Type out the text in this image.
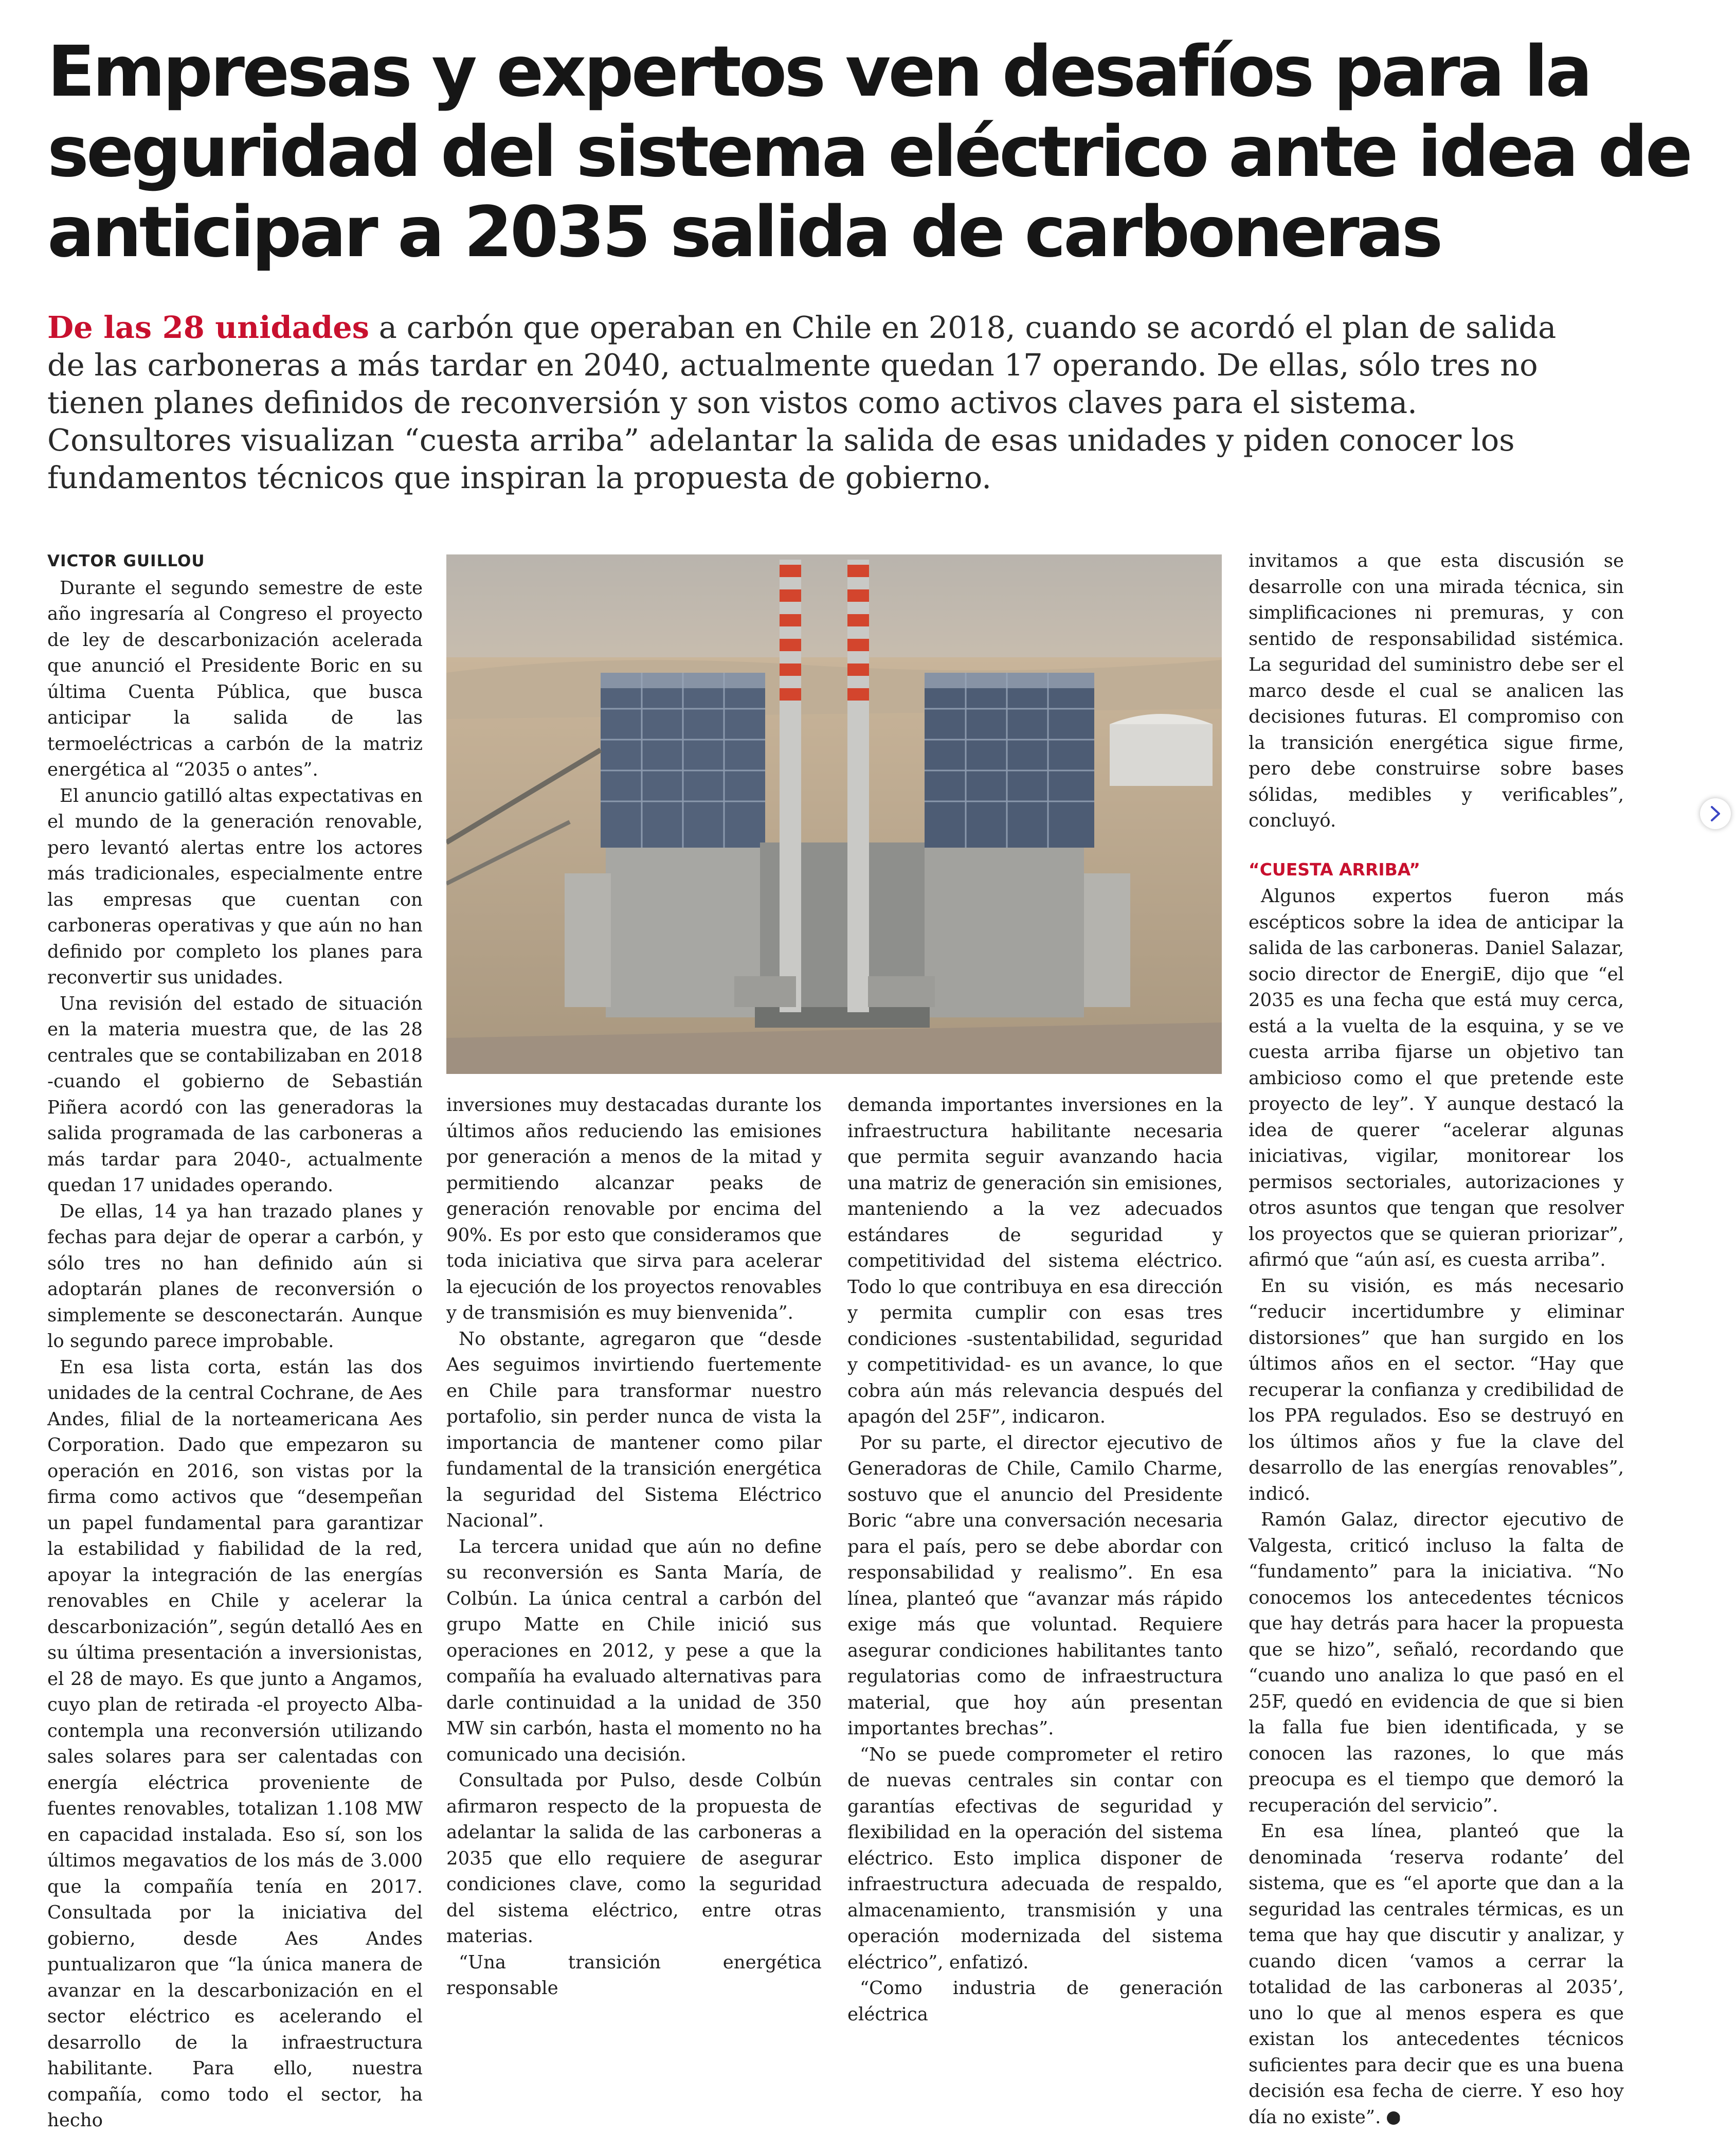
Empresas y expertos ven desafíos para la
seguridad del sistema eléctrico ante idea de
anticipar a 2035 salida de carboneras

De las 28 unidades a carbón que operaban en Chile en 2018, cuando se acordó el plan de salida de las carboneras a más tardar en 2040, actualmente quedan 17 operando. De ellas, sólo tres no tienen planes definidos de reconversión y son vistos como activos claves para el sistema. Consultores visualizan “cuesta arriba” adelantar la salida de esas unidades y piden conocer los fundamentos técnicos que inspiran la propuesta de gobierno.

VICTOR GUILLOU

Durante el segundo semestre de este año ingresaría al Congreso el proyecto de ley de descarbonización acelerada que anunció el Presidente Boric en su última Cuenta Pública, que busca anticipar la salida de las termoeléctricas a carbón de la matriz energética al “2035 o antes”.

El anuncio gatilló altas expectativas en el mundo de la generación renovable, pero levantó alertas entre los actores más tradicionales, especialmente entre las empresas que cuentan con carboneras operativas y que aún no han definido por completo los planes para reconvertir sus unidades.

Una revisión del estado de situación en la materia muestra que, de las 28 centrales que se contabilizaban en 2018 -cuando el gobierno de Sebastián Piñera acordó con las generadoras la salida programada de las carboneras a más tardar para 2040-, actualmente quedan 17 unidades operando.

De ellas, 14 ya han trazado planes y fechas para dejar de operar a carbón, y sólo tres no han definido aún si adoptarán planes de reconversión o simplemente se desconectarán. Aunque lo segundo parece improbable.

En esa lista corta, están las dos unidades de la central Cochrane, de Aes Andes, filial de la norteamericana Aes Corporation. Dado que empezaron su operación en 2016, son vistas por la firma como activos que “desempeñan un papel fundamental para garantizar la estabilidad y fiabilidad de la red, apoyar la integración de las energías renovables en Chile y acelerar la descarbonización”, según detalló Aes en su última presentación a inversionistas, el 28 de mayo. Es que junto a Angamos, cuyo plan de retirada -el proyecto Alba- contempla una reconversión utilizando sales solares para ser calentadas con energía eléctrica proveniente de fuentes renovables, totalizan 1.108 MW en capacidad instalada. Eso sí, son los últimos megavatios de los más de 3.000 que la compañía tenía en 2017. Consultada por la iniciativa del gobierno, desde Aes Andes puntualizaron que “la única manera de avanzar en la descarbonización en el sector eléctrico es acelerando el desarrollo de la infraestructura habilitante. Para ello, nuestra compañía, como todo el sector, ha hecho

inversiones muy destacadas durante los últimos años reduciendo las emisiones por generación a menos de la mitad y permitiendo alcanzar peaks de generación renovable por encima del 90%. Es por esto que consideramos que toda iniciativa que sirva para acelerar la ejecución de los proyectos renovables y de transmisión es muy bienvenida”.

No obstante, agregaron que “desde Aes seguimos invirtiendo fuertemente en Chile para transformar nuestro portafolio, sin perder nunca de vista la importancia de mantener como pilar fundamental de la transición energética la seguridad del Sistema Eléctrico Nacional”.

La tercera unidad que aún no define su reconversión es Santa María, de Colbún. La única central a carbón del grupo Matte en Chile inició sus operaciones en 2012, y pese a que la compañía ha evaluado alternativas para darle continuidad a la unidad de 350 MW sin carbón, hasta el momento no ha comunicado una decisión.

Consultada por Pulso, desde Colbún afirmaron respecto de la propuesta de adelantar la salida de las carboneras a 2035 que ello requiere de asegurar condiciones clave, como la seguridad del sistema eléctrico, entre otras materias.

“Una transición energética responsable

demanda importantes inversiones en la infraestructura habilitante necesaria que permita seguir avanzando hacia una matriz de generación sin emisiones, manteniendo a la vez adecuados estándares de seguridad y competitividad del sistema eléctrico. Todo lo que contribuya en esa dirección y permita cumplir con esas tres condiciones -sustentabilidad, seguridad y competitividad- es un avance, lo que cobra aún más relevancia después del apagón del 25F”, indicaron.

Por su parte, el director ejecutivo de Generadoras de Chile, Camilo Charme, sostuvo que el anuncio del Presidente Boric “abre una conversación necesaria para el país, pero se debe abordar con responsabilidad y realismo”. En esa línea, planteó que “avanzar más rápido exige más que voluntad. Requiere asegurar condiciones habilitantes tanto regulatorias como de infraestructura material, que hoy aún presentan importantes brechas”.

“No se puede comprometer el retiro de nuevas centrales sin contar con garantías efectivas de seguridad y flexibilidad en la operación del sistema eléctrico. Esto implica disponer de infraestructura adecuada de respaldo, almacenamiento, transmisión y una operación modernizada del sistema eléctrico”, enfatizó.

“Como industria de generación eléctrica

invitamos a que esta discusión se desarrolle con una mirada técnica, sin simplificaciones ni premuras, y con sentido de responsabilidad sistémica. La seguridad del suministro debe ser el marco desde el cual se analicen las decisiones futuras. El compromiso con la transición energética sigue firme, pero debe construirse sobre bases sólidas, medibles y verificables”, concluyó.

“CUESTA ARRIBA”

Algunos expertos fueron más escépticos sobre la idea de anticipar la salida de las carboneras. Daniel Salazar, socio director de EnergiE, dijo que “el 2035 es una fecha que está muy cerca, está a la vuelta de la esquina, y se ve cuesta arriba fijarse un objetivo tan ambicioso como el que pretende este proyecto de ley”. Y aunque destacó la idea de querer “acelerar algunas iniciativas, vigilar, monitorear los permisos sectoriales, autorizaciones y otros asuntos que tengan que resolver los proyectos que se quieran priorizar”, afirmó que “aún así, es cuesta arriba”.

En su visión, es más necesario “reducir incertidumbre y eliminar distorsiones” que han surgido en los últimos años en el sector. “Hay que recuperar la confianza y credibilidad de los PPA regulados. Eso se destruyó en los últimos años y fue la clave del desarrollo de las energías renovables”, indicó.

Ramón Galaz, director ejecutivo de Valgesta, criticó incluso la falta de “fundamento” para la iniciativa. “No conocemos los antecedentes técnicos que hay detrás para hacer la propuesta que se hizo”, señaló, recordando que “cuando uno analiza lo que pasó en el 25F, quedó en evidencia de que si bien la falla fue bien identificada, y se conocen las razones, lo que más preocupa es el tiempo que demoró la recuperación del servicio”.

En esa línea, planteó que la denominada ‘reserva rodante’ del sistema, que es “el aporte que dan a la seguridad las centrales térmicas, es un tema que hay que discutir y analizar, y cuando dicen ‘vamos a cerrar la totalidad de las carboneras al 2035’, uno lo que al menos espera es que existan los antecedentes técnicos suficientes para decir que es una buena decisión esa fecha de cierre. Y eso hoy día no existe”. P
